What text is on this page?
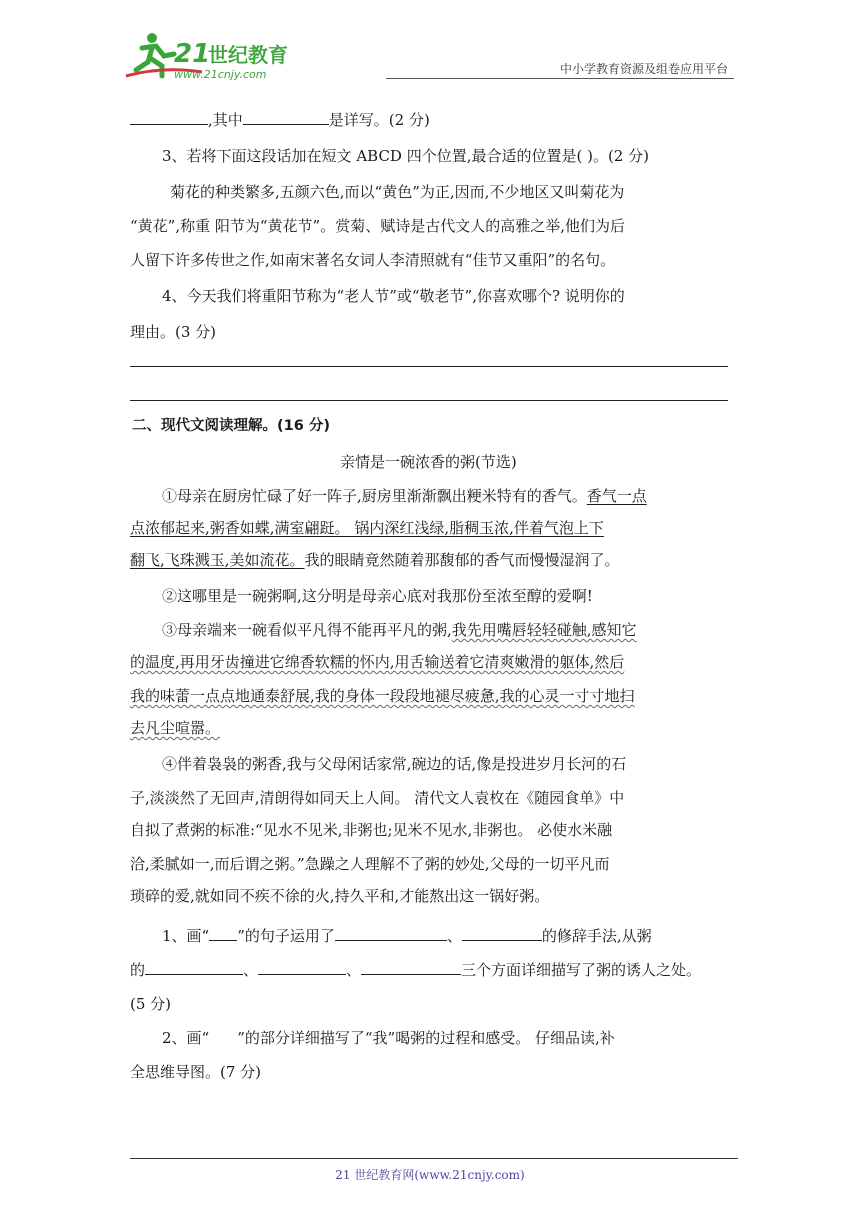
21
世纪教育
www.21cnjy.com	中小学教育资源及组卷应用平台
,其中	是详写。(2 分)
3、若将下面这段话加在短文 ABCD 四个位置,最合适的位置是( )。(2 分)
菊花的种类繁多,五颜六色,而以“黄色”为正,因而,不少地区又叫菊花为
“黄花”,称重 阳节为“黄花节”。赏菊、赋诗是古代文人的高雅之举,他们为后
人留下许多传世之作,如南宋著名女词人李清照就有“佳节又重阳”的名句。
4、今天我们将重阳节称为“老人节”或“敬老节”,你喜欢哪个? 说明你的
理由。(3 分)
二、现代文阅读理解。(16 分)
亲情是一碗浓香的粥(节选)
①母亲在厨房忙碌了好一阵子,厨房里渐渐飘出粳米特有的香气。香气一点
点浓郁起来,粥香如蝶,满室翩跹。 锅内深红浅绿,脂稠玉浓,伴着气泡上下
翻飞,飞珠溅玉,美如流花。我的眼睛竟然随着那馥郁的香气而慢慢湿润了。
②这哪里是一碗粥啊,这分明是母亲心底对我那份至浓至醇的爱啊!
③母亲端来一碗看似平凡得不能再平凡的粥,我先用嘴唇轻轻碰触,感知它
的温度,再用牙齿撞进它绵香软糯的怀内,用舌输送着它清爽嫩滑的躯体,然后
我的味蕾一点点地通泰舒展,我的身体一段段地褪尽疲惫,我的心灵一寸寸地扫
去凡尘喧嚣。
④伴着袅袅的粥香,我与父母闲话家常,碗边的话,像是投进岁月长河的石
子,淡淡然了无回声,清朗得如同天上人间。 清代文人袁枚在《随园食单》中
自拟了煮粥的标准:“见水不见米,非粥也;见米不见水,非粥也。 必使水米融
洽,柔腻如一,而后谓之粥。”急躁之人理解不了粥的妙处,父母的一切平凡而
琐碎的爱,就如同不疾不徐的火,持久平和,才能熬出这一锅好粥。
1、画“ ”的句子运用了	、	的修辞手法,从粥
的	、	、	三个方面详细描写了粥的诱人之处。
(5 分)
2、画“ ”的部分详细描写了“我”喝粥的过程和感受。 仔细品读,补
全思维导图。(7 分)
21 世纪教育网(www.21cnjy.com)
